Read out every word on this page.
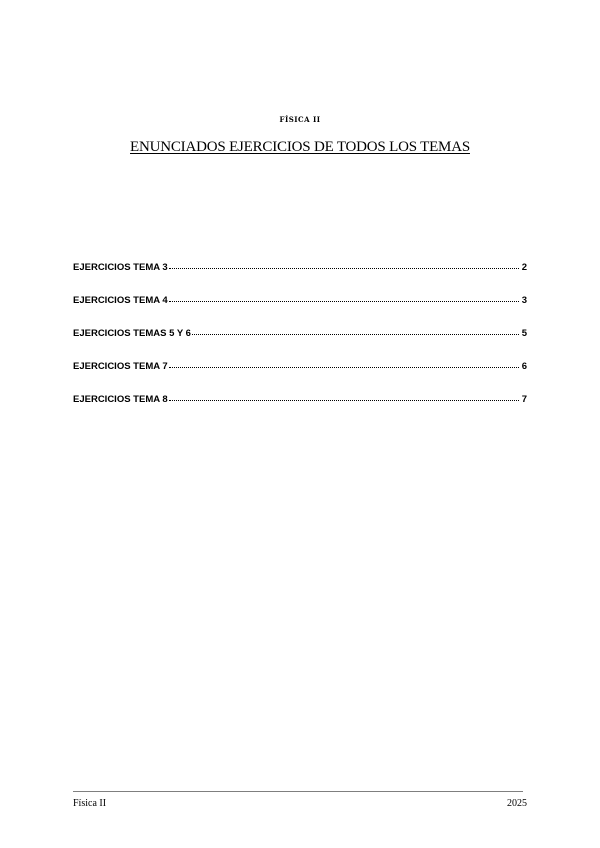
FÍSICA II
ENUNCIADOS EJERCICIOS DE TODOS LOS TEMAS
EJERCICIOS TEMA 3	2
EJERCICIOS TEMA 4	3
EJERCICIOS TEMAS 5 Y 6	5
EJERCICIOS TEMA 7	6
EJERCICIOS TEMA 8	7
Física II	2025
